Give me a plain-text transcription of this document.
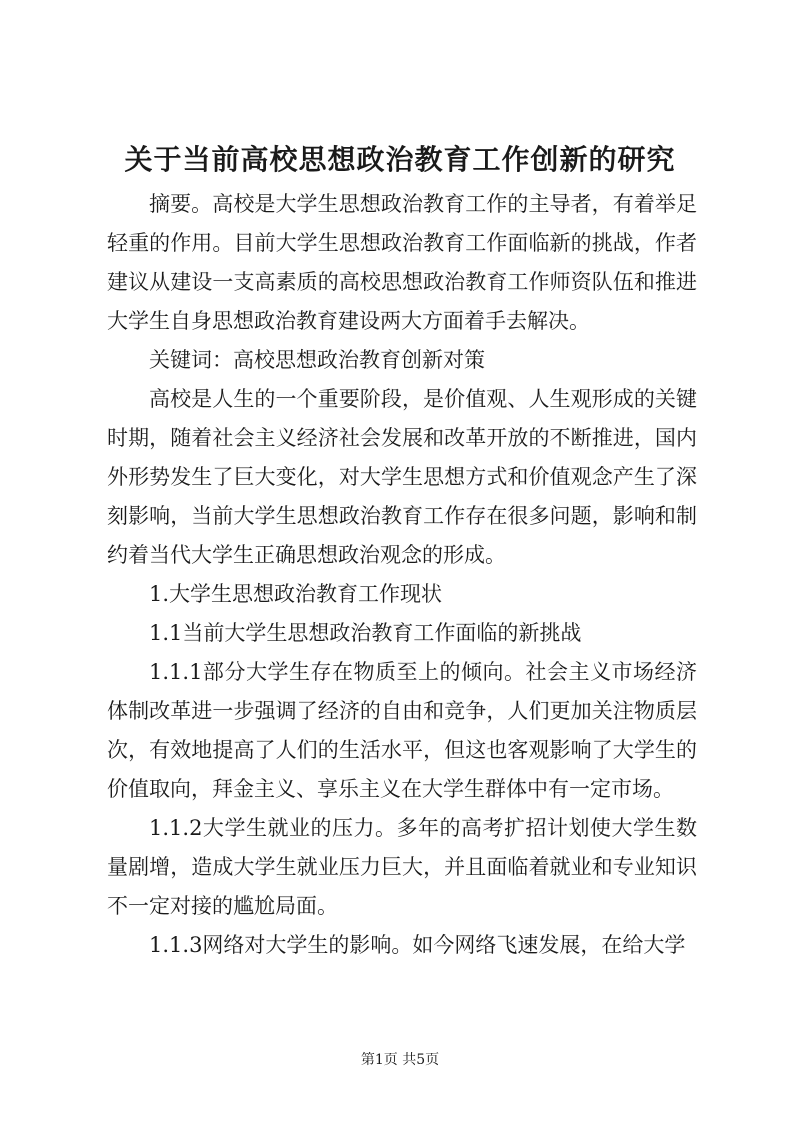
关于当前高校思想政治教育工作创新的研究

摘要。高校是大学生思想政治教育工作的主导者，有着举足轻重的作用。目前大学生思想政治教育工作面临新的挑战，作者建议从建设一支高素质的高校思想政治教育工作师资队伍和推进大学生自身思想政治教育建设两大方面着手去解决。

关键词：高校思想政治教育创新对策

高校是人生的一个重要阶段，是价值观、人生观形成的关键时期，随着社会主义经济社会发展和改革开放的不断推进，国内外形势发生了巨大变化，对大学生思想方式和价值观念产生了深刻影响，当前大学生思想政治教育工作存在很多问题，影响和制约着当代大学生正确思想政治观念的形成。

1.大学生思想政治教育工作现状

1.1当前大学生思想政治教育工作面临的新挑战

1.1.1部分大学生存在物质至上的倾向。社会主义市场经济体制改革进一步强调了经济的自由和竞争，人们更加关注物质层次，有效地提高了人们的生活水平，但这也客观影响了大学生的价值取向，拜金主义、享乐主义在大学生群体中有一定市场。

1.1.2大学生就业的压力。多年的高考扩招计划使大学生数量剧增，造成大学生就业压力巨大，并且面临着就业和专业知识不一定对接的尴尬局面。

1.1.3网络对大学生的影响。如今网络飞速发展，在给大学

第1页 共5页
